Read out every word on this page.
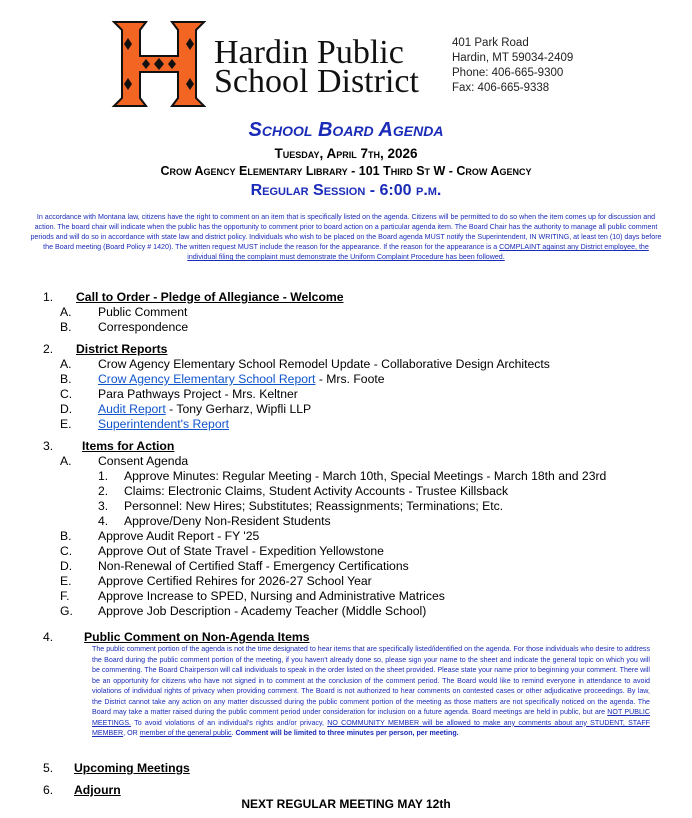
Hardin Public
School District
401 Park Road
Hardin, MT 59034-2409
Phone: 406-665-9300
Fax: 406-665-9338
School Board Agenda
Tuesday, April 7th, 2026
Crow Agency Elementary Library - 101 Third St W - Crow Agency
Regular Session - 6:00 p.m.
In accordance with Montana law, citizens have the right to comment on an item that is specifically listed on the agenda. Citizens will be permitted to do so when the item comes up for discussion and action. The board chair will indicate when the public has the opportunity to comment prior to board action on a particular agenda item. The Board Chair has the authority to manage all public comment periods and will do so in accordance with state law and district policy. Individuals who wish to be placed on the Board agenda MUST notify the Superintendent, IN WRITING, at least ten (10) days before the Board meeting (Board Policy # 1420). The written request MUST include the reason for the appearance. If the reason for the appearance is a COMPLAINT against any District employee, the individual filing the complaint must demonstrate the Uniform Complaint Procedure has been followed.
1. Call to Order - Pledge of Allegiance - Welcome
A. Public Comment
B. Correspondence
2. District Reports
A. Crow Agency Elementary School Remodel Update - Collaborative Design Architects
B. Crow Agency Elementary School Report - Mrs. Foote
C. Para Pathways Project - Mrs. Keltner
D. Audit Report - Tony Gerharz, Wipfli LLP
E. Superintendent's Report
3. Items for Action
A. Consent Agenda
1. Approve Minutes: Regular Meeting - March 10th, Special Meetings - March 18th and 23rd
2. Claims: Electronic Claims, Student Activity Accounts - Trustee Killsback
3. Personnel: New Hires; Substitutes; Reassignments; Terminations; Etc.
4. Approve/Deny Non-Resident Students
B. Approve Audit Report - FY '25
C. Approve Out of State Travel - Expedition Yellowstone
D. Non-Renewal of Certified Staff - Emergency Certifications
E. Approve Certified Rehires for 2026-27 School Year
F. Approve Increase to SPED, Nursing and Administrative Matrices
G. Approve Job Description - Academy Teacher (Middle School)
4.	Public Comment on Non-Agenda Items
The public comment portion of the agenda is not the time designated to hear items that are specifically listed/identified on the agenda. For those individuals who desire to address the Board during the public comment portion of the meeting, if you haven't already done so, please sign your name to the sheet and indicate the general topic on which you will be commenting. The Board Chairperson will call individuals to speak in the order listed on the sheet provided. Please state your name prior to beginning your comment. There will be an opportunity for citizens who have not signed in to comment at the conclusion of the comment period. The Board would like to remind everyone in attendance to avoid violations of individual rights of privacy when providing comment. The Board is not authorized to hear comments on contested cases or other adjudicative proceedings. By law, the District cannot take any action on any matter discussed during the public comment portion of the meeting as those matters are not specifically noticed on the agenda. The Board may take a matter raised during the public comment period under consideration for inclusion on a future agenda. Board meetings are held in public, but are NOT PUBLIC MEETINGS. To avoid violations of an individual's rights and/or privacy, NO COMMUNITY MEMBER will be allowed to make any comments about any STUDENT, STAFF MEMBER, OR member of the general public. Comment will be limited to three minutes per person, per meeting.
5. Upcoming Meetings
6. Adjourn
NEXT REGULAR MEETING MAY 12th
